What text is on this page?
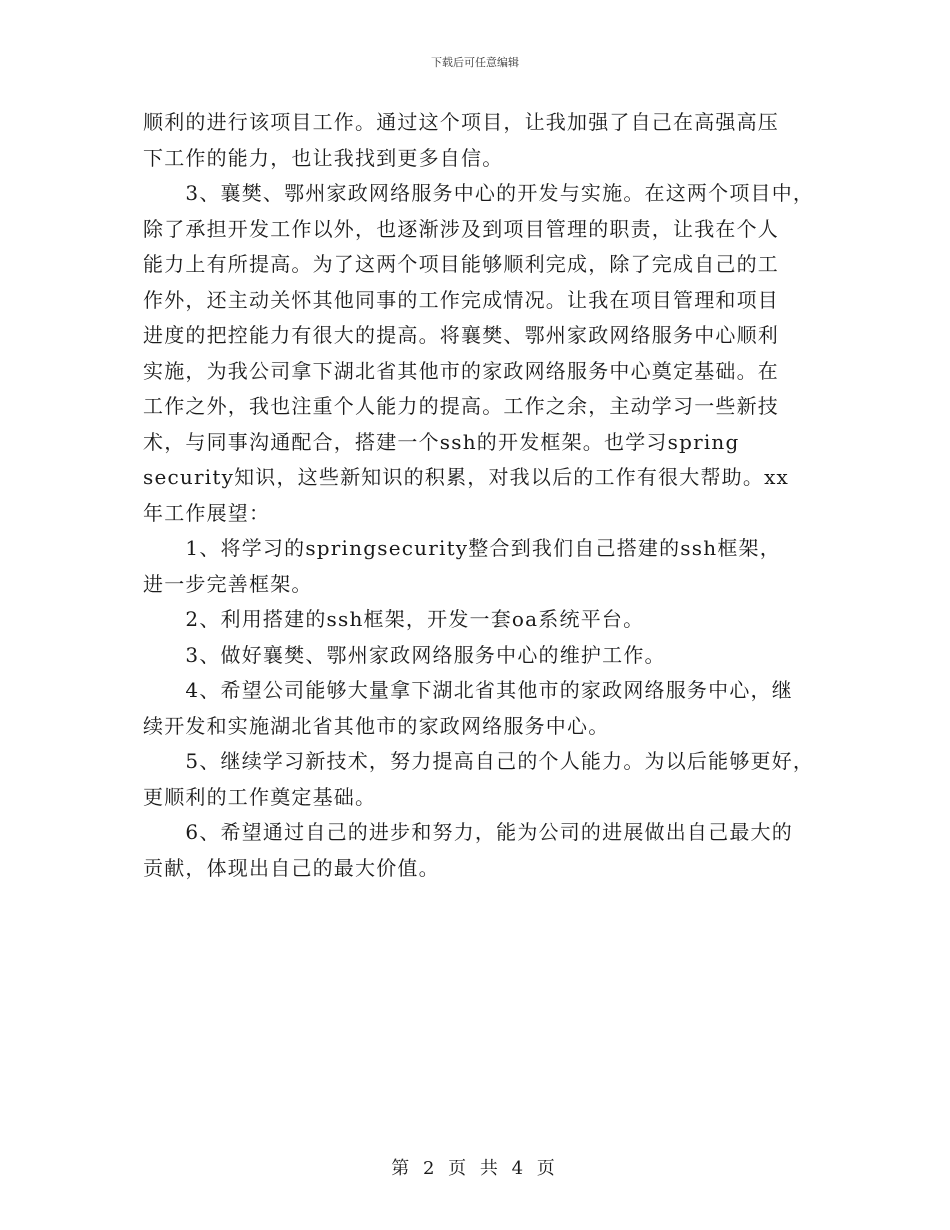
下载后可任意编辑
顺利的进行该项目工作。通过这个项目，让我加强了自己在高强高压
下工作的能力，也让我找到更多自信。
　　3、襄樊、鄂州家政网络服务中心的开发与实施。在这两个项目中，
除了承担开发工作以外，也逐渐涉及到项目管理的职责，让我在个人
能力上有所提高。为了这两个项目能够顺利完成，除了完成自己的工
作外，还主动关怀其他同事的工作完成情况。让我在项目管理和项目
进度的把控能力有很大的提高。将襄樊、鄂州家政网络服务中心顺利
实施，为我公司拿下湖北省其他市的家政网络服务中心奠定基础。在
工作之外，我也注重个人能力的提高。工作之余，主动学习一些新技
术，与同事沟通配合，搭建一个ssh的开发框架。也学习spring
security知识，这些新知识的积累，对我以后的工作有很大帮助。xx
年工作展望：
　　1、将学习的springsecurity整合到我们自己搭建的ssh框架，
进一步完善框架。
　　2、利用搭建的ssh框架，开发一套oa系统平台。
　　3、做好襄樊、鄂州家政网络服务中心的维护工作。
　　4、希望公司能够大量拿下湖北省其他市的家政网络服务中心，继
续开发和实施湖北省其他市的家政网络服务中心。
　　5、继续学习新技术，努力提高自己的个人能力。为以后能够更好，
更顺利的工作奠定基础。
　　6、希望通过自己的进步和努力，能为公司的进展做出自己最大的
贡献，体现出自己的最大价值。
第 2 页 共 4 页
